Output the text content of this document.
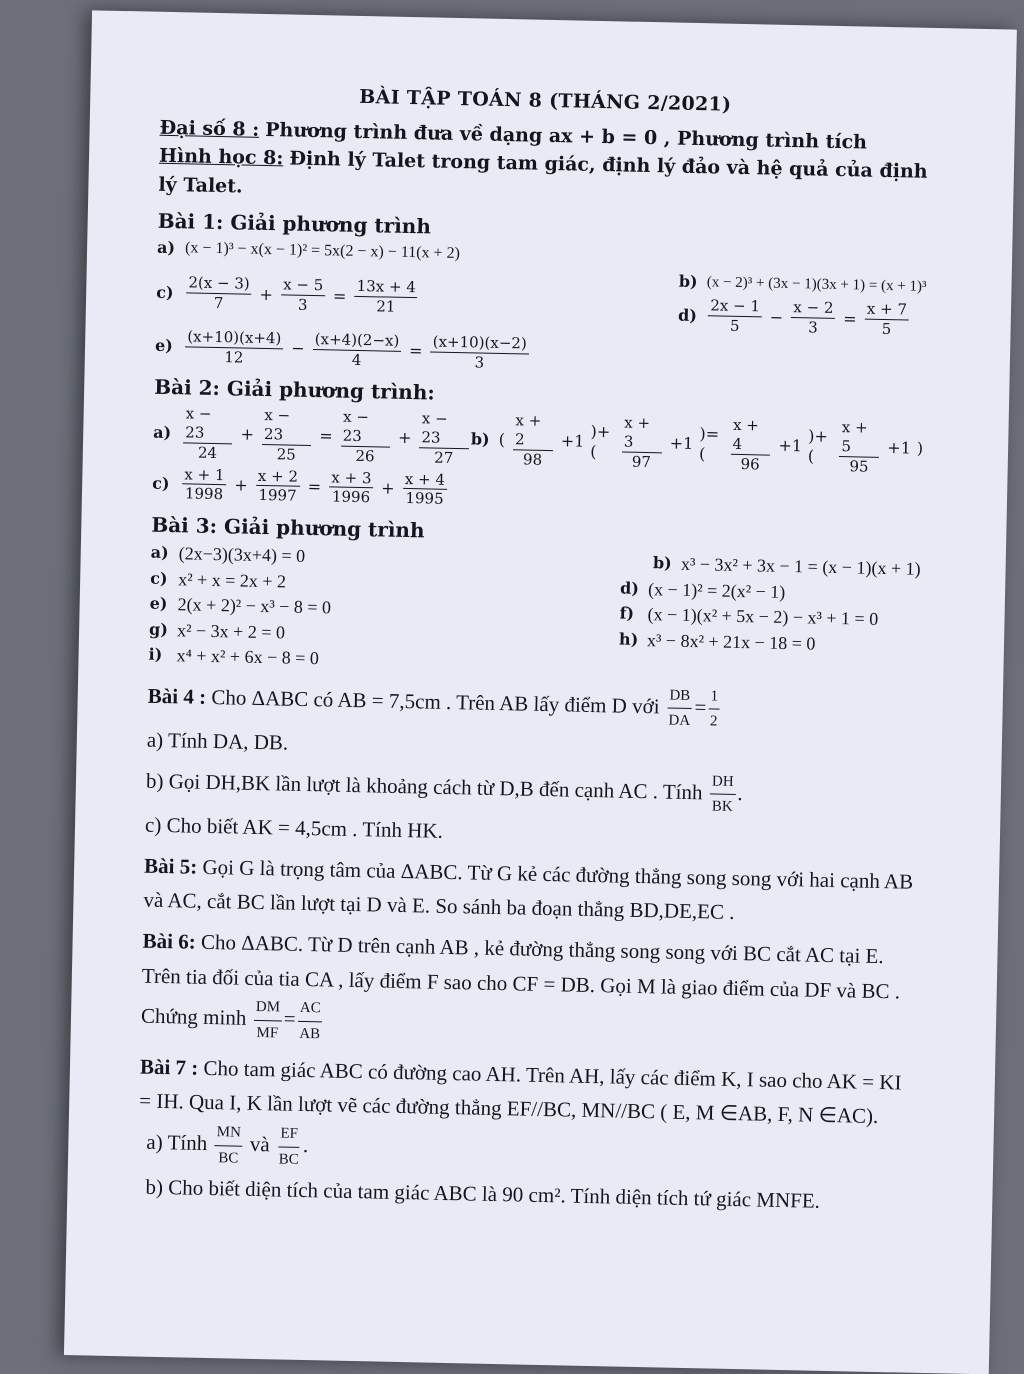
BÀI TẬP TOÁN 8 (THÁNG 2/2021)
Đại số 8 : Phương trình đưa về dạng ax + b = 0 , Phương trình tích
Hình học 8: Định lý Talet trong tam giác, định lý đảo và hệ quả của định lý Talet.
Bài 1: Giải phương trình
a) (x − 1)³ − x(x − 1)² = 5x(2 − x) − 11(x + 2)
$c) \frac{2(x - 3)}{7} + \frac{x - 5}{3} = \frac{13x + 4}{21}$	b) (x − 2)³ + (3x − 1)(3x + 1) = (x + 1)³
$d) \frac{2x - 1}{5} - \frac{x - 2}{3} = \frac{x + 7}{5}$
$e) \frac{(x+10)(x+4)}{12} - \frac{(x+4)(2-x)}{4} = \frac{(x+10)(x-2)}{3}$
Bài 2: Giải phương trình:
$a) \frac{x - 23}{24} + \frac{x - 23}{25} = \frac{x - 23}{26} + \frac{x - 23}{27} b$) ( $\frac{x + 2}{98} +1$ )+(	$\frac{x + 3}{97} +1$ )=(	$\frac{x + 4}{96} +1$ )+(	$\frac{x + 5}{95} +1$ )
$c) \frac{x + 1}{1998} + \frac{x + 2}{1997} = \frac{x + 3}{1996} + \frac{x + 4}{1995}$
Bài 3: Giải phương trình
a) (2x−3)(3x+4) = 0	b) x³ − 3x² + 3x − 1 = (x − 1)(x + 1)
c) x² + x = 2x + 2	d) (x − 1)² = 2(x² − 1)
e) 2(x + 2)² − x³ − 8 = 0	f) (x − 1)(x² + 5x − 2) − x³ + 1 = 0
g) x² − 3x + 2 = 0	h) x³ − 8x² + 21x − 18 = 0
i) x⁴ + x² + 6x − 8 = 0
Bài 4 : Cho ΔABC có AB = 7,5cm . Trên AB lấy điểm D với $\frac{DB}{DA} = \frac{1}{2}$
a) Tính DA, DB.
b) Gọi DH,BK lần lượt là khoảng cách từ D,B đến cạnh AC . Tính $\frac{DH}{BK}$ .
c) Cho biết AK = 4,5cm . Tính HK.
Bài 5: Gọi G là trọng tâm của ΔABC. Từ G kẻ các đường thẳng song song với hai cạnh AB và AC, cắt BC lần lượt tại D và E. So sánh ba đoạn thẳng BD,DE,EC .
Bài 6: Cho ΔABC. Từ D trên cạnh AB , kẻ đường thẳng song song với BC cắt AC tại E. Trên tia đối của tia CA , lấy điểm F sao cho CF = DB. Gọi M là giao điểm của DF và BC . Chứng minh $\frac{DM}{MF} = \frac{AC}{AB}$
Bài 7 : Cho tam giác ABC có đường cao AH. Trên AH, lấy các điểm K, I sao cho AK = KI = IH. Qua I, K lần lượt vẽ các đường thẳng EF//BC, MN//BC ( E, M ∈AB, F, N ∈AC).
a) Tính $\frac{MN}{BC}$ và $\frac{EF}{BC}$ .
b) Cho biết diện tích của tam giác ABC là 90 cm². Tính diện tích tứ giác MNFE.
